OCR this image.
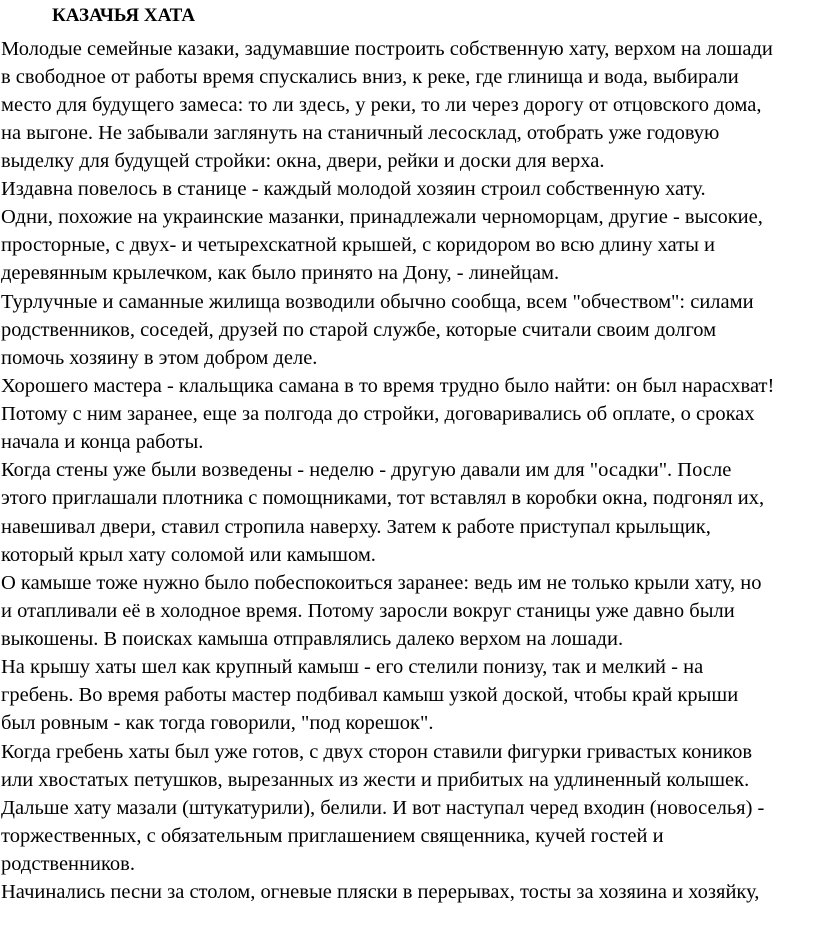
КАЗАЧЬЯ ХАТА

Молодые семейные казаки, задумавшие построить собственную хату, верхом на лошади

в свободное от работы время спускались вниз, к реке, где глинища и вода, выбирали

место для будущего замеса: то ли здесь, у реки, то ли через дорогу от отцовского дома,

на выгоне. Не забывали заглянуть на станичный лесосклад, отобрать уже годовую

выделку для будущей стройки: окна, двери, рейки и доски для верха.

Издавна повелось в станице - каждый молодой хозяин строил собственную хату.

Одни, похожие на украинские мазанки, принадлежали черноморцам, другие - высокие,

просторные, с двух- и четырехскатной крышей, с коридором во всю длину хаты и

деревянным крылечком, как было принято на Дону, - линейцам.

Турлучные и саманные жилища возводили обычно сообща, всем "обчеством": силами

родственников, соседей, друзей по старой службе, которые считали своим долгом

помочь хозяину в этом добром деле.

Хорошего мастера - клальщика самана в то время трудно было найти: он был нарасхват!

Потому с ним заранее, еще за полгода до стройки, договаривались об оплате, о сроках

начала и конца работы.

Когда стены уже были возведены - неделю - другую давали им для "осадки". После

этого приглашали плотника с помощниками, тот вставлял в коробки окна, подгонял их,

навешивал двери, ставил стропила наверху. Затем к работе приступал крыльщик,

который крыл хату соломой или камышом.

О камыше тоже нужно было побеспокоиться заранее: ведь им не только крыли хату, но

и отапливали её в холодное время. Потому заросли вокруг станицы уже давно были

выкошены. В поисках камыша отправлялись далеко верхом на лошади.

На крышу хаты шел как крупный камыш - его стелили понизу, так и мелкий - на

гребень. Во время работы мастер подбивал камыш узкой доской, чтобы край крыши

был ровным - как тогда говорили, "под корешок".

Когда гребень хаты был уже готов, с двух сторон ставили фигурки гривастых коников

или хвостатых петушков, вырезанных из жести и прибитых на удлиненный колышек.

Дальше хату мазали (штукатурили), белили. И вот наступал черед входин (новоселья) -

торжественных, с обязательным приглашением священника, кучей гостей и

родственников.

Начинались песни за столом, огневые пляски в перерывах, тосты за хозяина и хозяйку,
